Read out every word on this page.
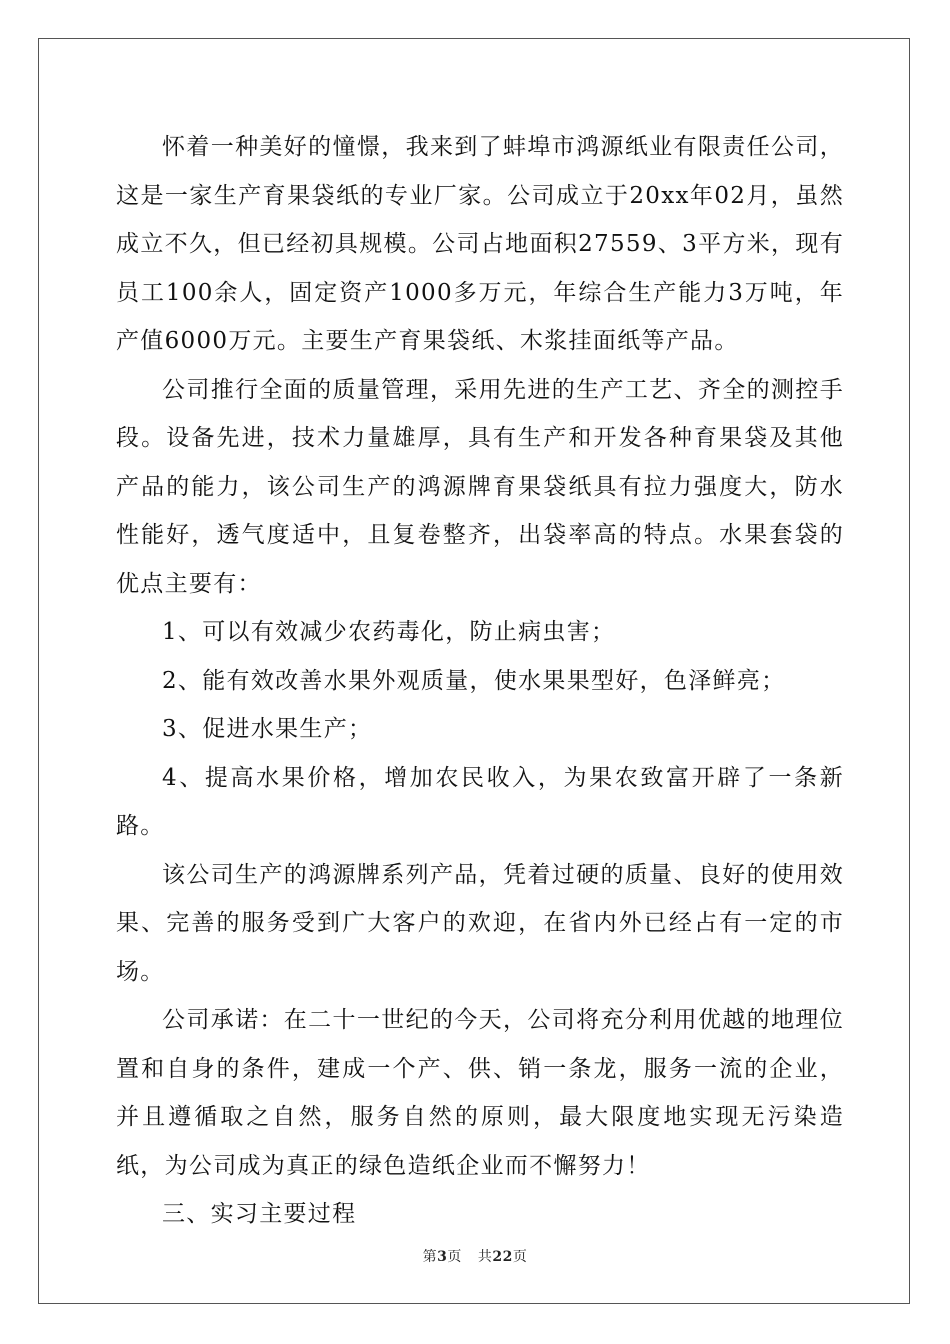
怀着一种美好的憧憬，我来到了蚌埠市鸿源纸业有限责任公司，这是一家生产育果袋纸的专业厂家。公司成立于20xx年02月，虽然成立不久，但已经初具规模。公司占地面积27559、3平方米，现有员工100余人，固定资产1000多万元，年综合生产能力3万吨，年产值6000万元。主要生产育果袋纸、木浆挂面纸等产品。

公司推行全面的质量管理，采用先进的生产工艺、齐全的测控手段。设备先进，技术力量雄厚，具有生产和开发各种育果袋及其他产品的能力，该公司生产的鸿源牌育果袋纸具有拉力强度大，防水性能好，透气度适中，且复卷整齐，出袋率高的特点。水果套袋的优点主要有：

1、可以有效减少农药毒化，防止病虫害；

2、能有效改善水果外观质量，使水果果型好，色泽鲜亮；

3、促进水果生产；

4、提高水果价格，增加农民收入，为果农致富开辟了一条新路。

该公司生产的鸿源牌系列产品，凭着过硬的质量、良好的使用效果、完善的服务受到广大客户的欢迎，在省内外已经占有一定的市场。

公司承诺：在二十一世纪的今天，公司将充分利用优越的地理位置和自身的条件，建成一个产、供、销一条龙，服务一流的企业，并且遵循取之自然，服务自然的原则，最大限度地实现无污染造纸，为公司成为真正的绿色造纸企业而不懈努力！

三、实习主要过程

第3页 共22页
